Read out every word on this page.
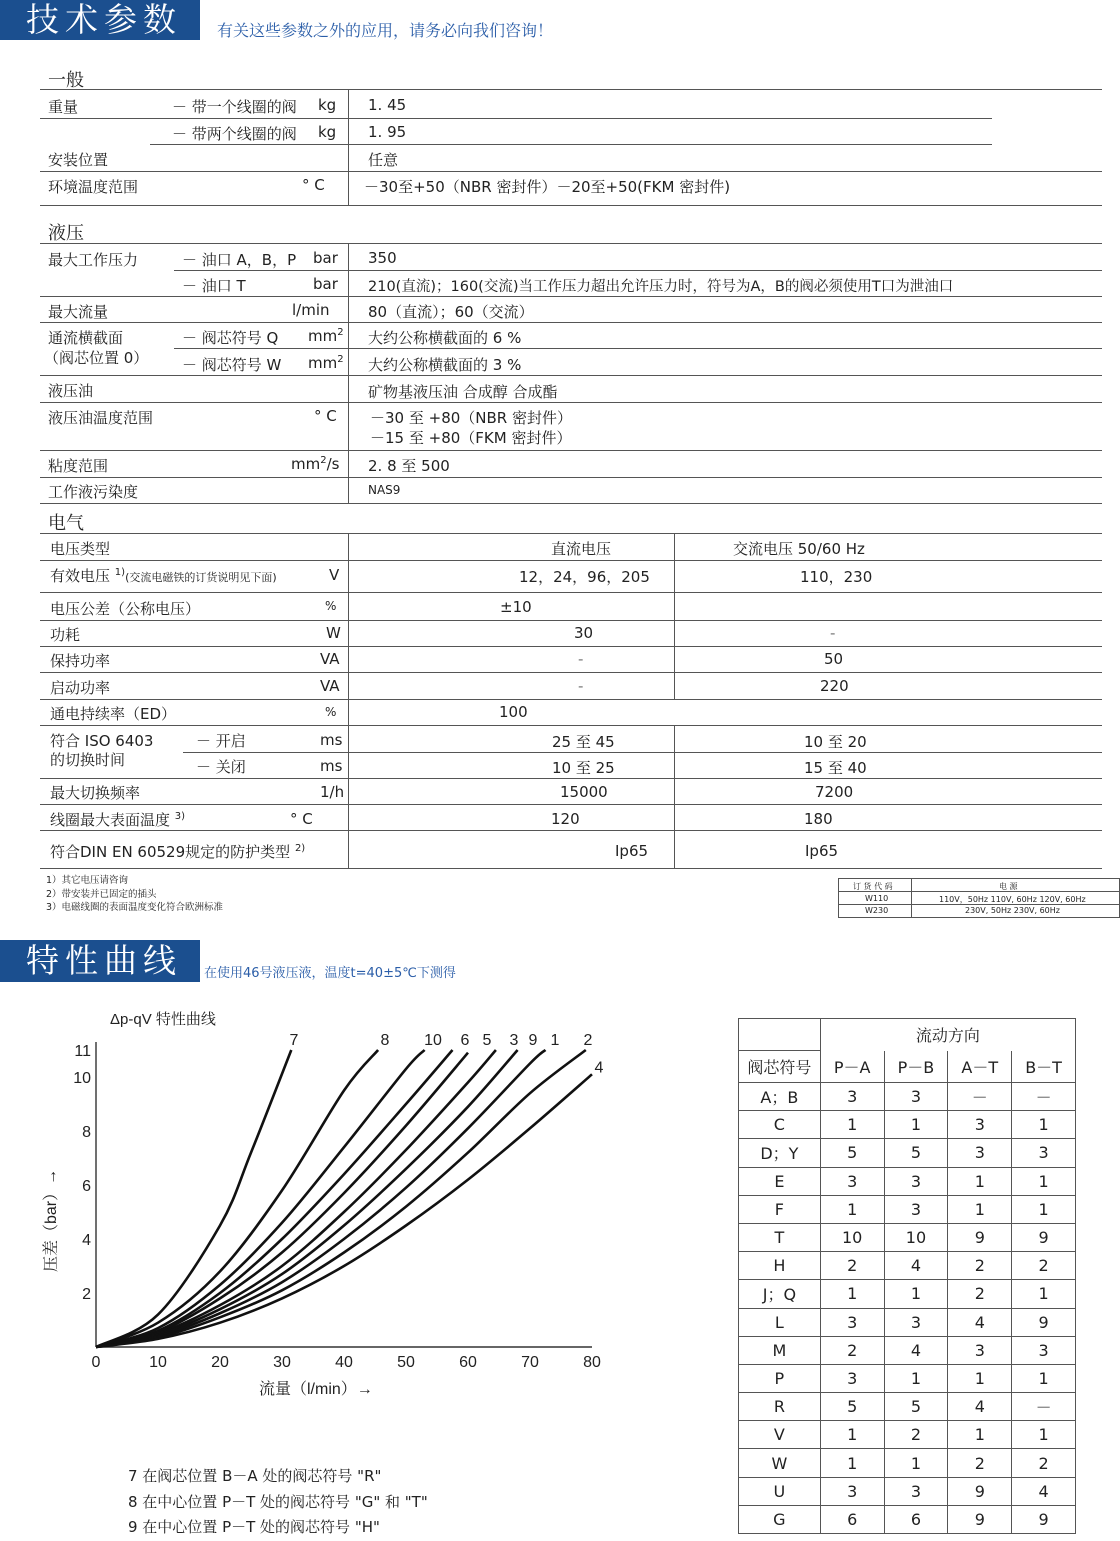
技术参数	有关这些参数之外的应用，请务必向我们咨询！
一般
重量	－ 带一个线圈的阀 kg 1. 45
－ 带两个线圈的阀 kg 1. 95
安装位置	任意
环境温度范围	° C	－30至+50（NBR 密封件）－20至+50(FKM 密封件)
液压
最大工作压力	－ 油口 A，B，P bar 350
－ 油口 T	bar 210(直流)；160(交流)当工作压力超出允许压力时，符号为A，B的阀必须使用T口为泄油口
最大流量	l/min	80（直流）；60（交流）
通流横截面
（阀芯位置 0）
－ 阀芯符号 Q $mm^2$ 大约公称横截面的 6 %
－ 阀芯符号 W $mm^2$ 大约公称横截面的 3 %
液压油	矿物基液压油 合成醇 合成酯
液压油温度范围	° C －30 至 +80（NBR 密封件）
－15 至 +80（FKM 密封件）
粘度范围	$mm^2/s$ 2. 8 至 500
工作液污染度	NAS9
电气
电压类型	直流电压	交流电压 50/60 Hz
有效电压 $^{1)}$(交流电磁铁的订货说明见下面)	V	12，24，96，205	110，230
电压公差（公称电压）	%	±10
功耗	W	30	-
保持功率	VA	-	50
启动功率	VA	-	220
通电持续率（ED）	%	100
符合 ISO 6403
的切换时间
－ 开启	ms	25 至 45	10 至 20
－ 关闭	ms	10 至 25	15 至 40
最大切换频率	1/h	15000	7200
线圈最大表面温度 $^{3)}$	° C	120	180
符合DIN EN 60529规定的防护类型 $^{2)}$	Ip65	Ip65
1）其它电压请咨询
2）带安装并已固定的插头
3）电磁线圈的表面温度变化符合欧洲标准
订 货 代 码	电 源
W110	110V，50Hz 110V, 60Hz 120V, 60Hz
W230	230V, 50Hz 230V, 60Hz
特性曲线	在使用46号液压液，温度t=40±5℃下测得
0	10	20	30	40	50	60	70	80
2
4
6
8
10
11
Δp-qV 特性曲线
流量（l/min）→
压差（bar）→
7	8 10 6 5 3 9 1 2
4
7 在阀芯位置 B－A 处的阀芯符号 "R"
8 在中心位置 P－T 处的阀芯符号 "G" 和 "T"
9 在中心位置 P－T 处的阀芯符号 "H"
	流动方向			
阀芯符号	P－A	P－B	A－T	B－T
A；B	3	3	－	－
C	1	1	3	1
D；Y	5	5	3	3
E	3	3	1	1
F	1	3	1	1
T	10	10	9	9
H	2	4	2	2
J；Q	1	1	2	1
L	3	3	4	9
M	2	4	3	3
P	3	1	1	1
R	5	5	4	－
V	1	2	1	1
W	1	1	2	2
U	3	3	9	4
G	6	6	9	9
